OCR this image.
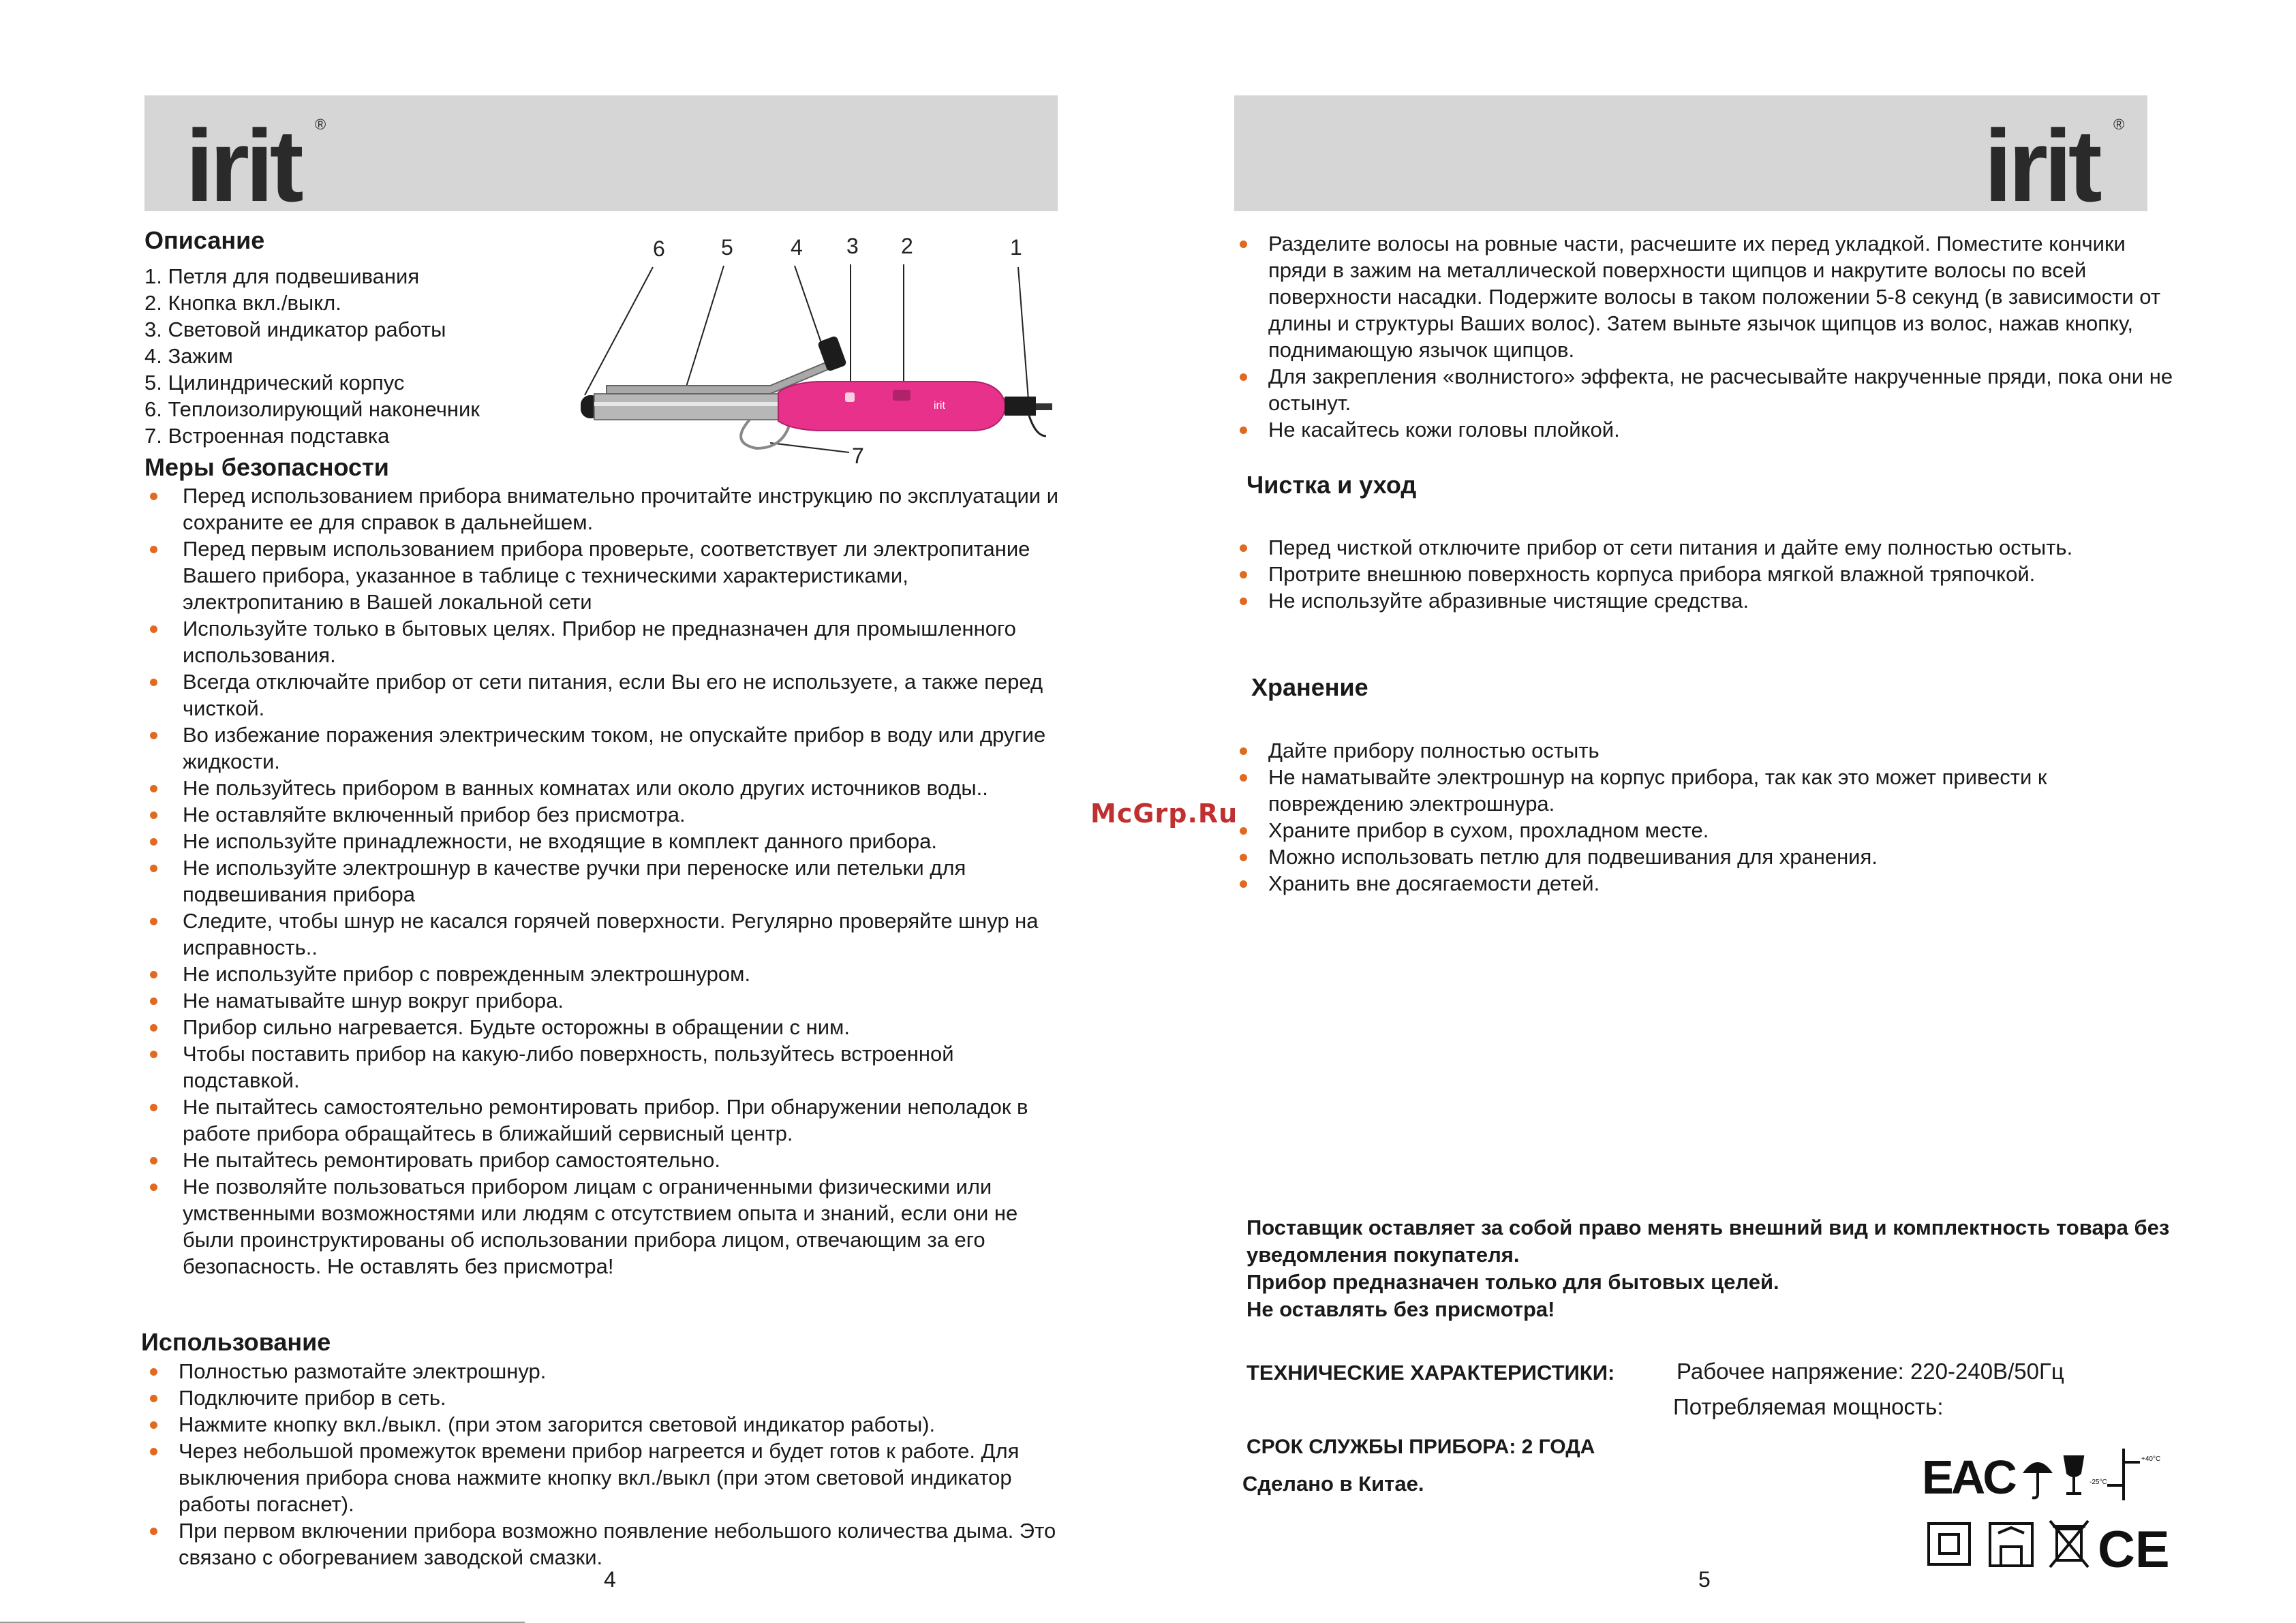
irit ®
Описание
1. Петля для подвешивания
2. Кнопка вкл./выкл.
3. Световой индикатор работы
4. Зажим
5. Цилиндрический корпус
6. Теплоизолирующий наконечник
7. Встроенная подставка
6	5	4 3 2	1
7
irit
Меры безопасности
Перед использованием прибора внимательно прочитайте инструкцию по эксплуатации и сохраните ее для справок в дальнейшем.
Перед первым использованием прибора проверьте, соответствует ли электропитание Вашего прибора, указанное в таблице с техническими характеристиками, электропитанию в Вашей локальной сети
Используйте только в бытовых целях. Прибор не предназначен для промышленного использования.
Всегда отключайте прибор от сети питания, если Вы его не используете, а также перед чисткой.
Во избежание поражения электрическим током, не опускайте прибор в воду или другие жидкости.
Не пользуйтесь прибором в ванных комнатах или около других источников воды..
Не оставляйте включенный прибор без присмотра.
Не используйте принадлежности, не входящие в комплект данного прибора.
Не используйте электрошнур в качестве ручки при переноске или петельки для подвешивания прибора
Следите, чтобы шнур не касался горячей поверхности. Регулярно проверяйте шнур на исправность..
Не используйте прибор с поврежденным электрошнуром.
Не наматывайте шнур вокруг прибора.
Прибор сильно нагревается. Будьте осторожны в обращении с ним.
Чтобы поставить прибор на какую-либо поверхность, пользуйтесь встроенной подставкой.
Не пытайтесь самостоятельно ремонтировать прибор. При обнаружении неполадок в работе прибора обращайтесь в ближайший сервисный центр.
Не пытайтесь ремонтировать прибор самостоятельно.
Не позволяйте пользоваться прибором лицам с ограниченными физическими или умственными возможностями или людям с отсутствием опыта и знаний, если они не были проинструктированы об использовании прибора лицом, отвечающим за его безопасность. Не оставлять без присмотра!
Использование
Полностью размотайте электрошнур.
Подключите прибор в сеть.
Нажмите кнопку вкл./выкл. (при этом загорится световой индикатор работы).
Через небольшой промежуток времени прибор нагреется и будет готов к работе. Для выключения прибора снова нажмите кнопку вкл./выкл (при этом световой индикатор работы погаснет).
При первом включении прибора возможно появление небольшого количества дыма. Это связано с обогреванием заводской смазки.
4
irit ®
Разделите волосы на ровные части, расчешите их перед укладкой. Поместите кончики пряди в зажим на металлической поверхности щипцов и накрутите волосы по всей поверхности насадки. Подержите волосы в таком положении 5-8 секунд (в зависимости от длины и структуры Ваших волос). Затем выньте язычок щипцов из волос, нажав кнопку, поднимающую язычок щипцов.
Для закрепления «волнистого» эффекта, не расчесывайте накрученные пряди, пока они не остынут.
Не касайтесь кожи головы плойкой.
Чистка и уход
Перед чисткой отключите прибор от сети питания и дайте ему полностью остыть.
Протрите внешнюю поверхность корпуса прибора мягкой влажной тряпочкой.
Не используйте абразивные чистящие средства.
Хранение
Дайте прибору полностью остыть
Не наматывайте электрошнур на корпус прибора, так как это может привести к повреждению электрошнура.
Храните прибор в сухом, прохладном месте.
Можно использовать петлю для подвешивания для хранения.
Хранить вне досягаемости детей.
5
McGrp.Ru
Поставщик оставляет за собой право менять внешний вид и комплектность товара без уведомления покупателя.
Прибор предназначен только для бытовых целей.
Не оставлять без присмотра!
ТЕХНИЧЕСКИЕ ХАРАКТЕРИСТИКИ:	Рабочее напряжение: 220-240В/50Гц
Потребляемая мощность:
СРОК СЛУЖБЫ ПРИБОРА: 2 ГОДА
Сделано в Китае.	EAC	+40°C
-25°C
CE
